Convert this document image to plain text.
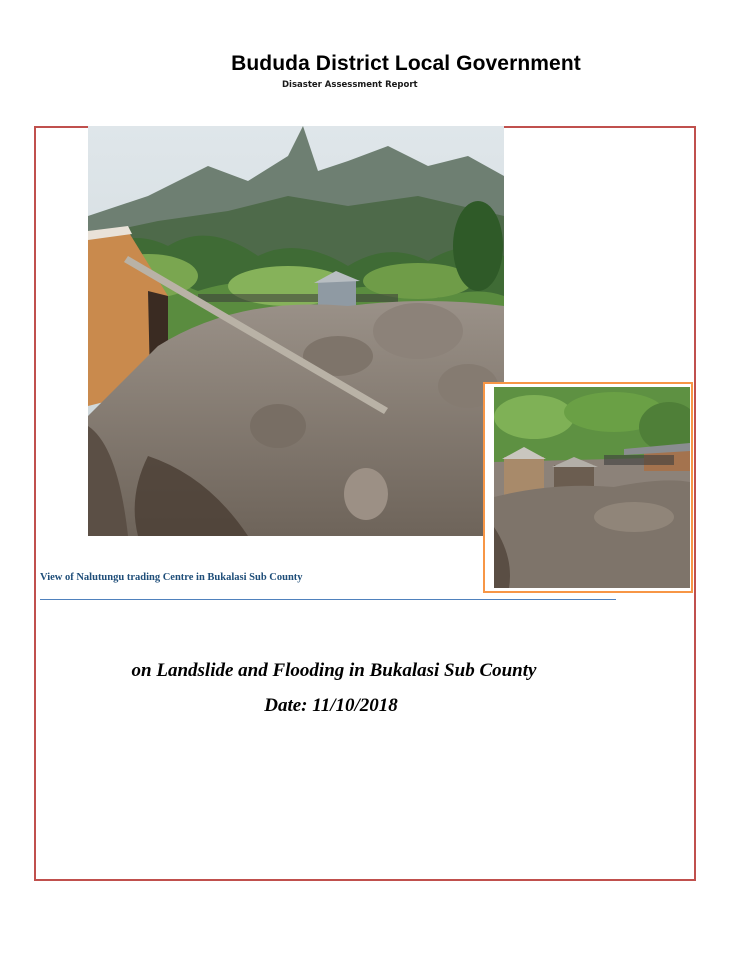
Bududa District Local Government
Disaster Assessment Report
View of Nalutungu trading Centre in Bukalasi Sub County
on Landslide and Flooding in Bukalasi Sub County
Date: 11/10/2018
